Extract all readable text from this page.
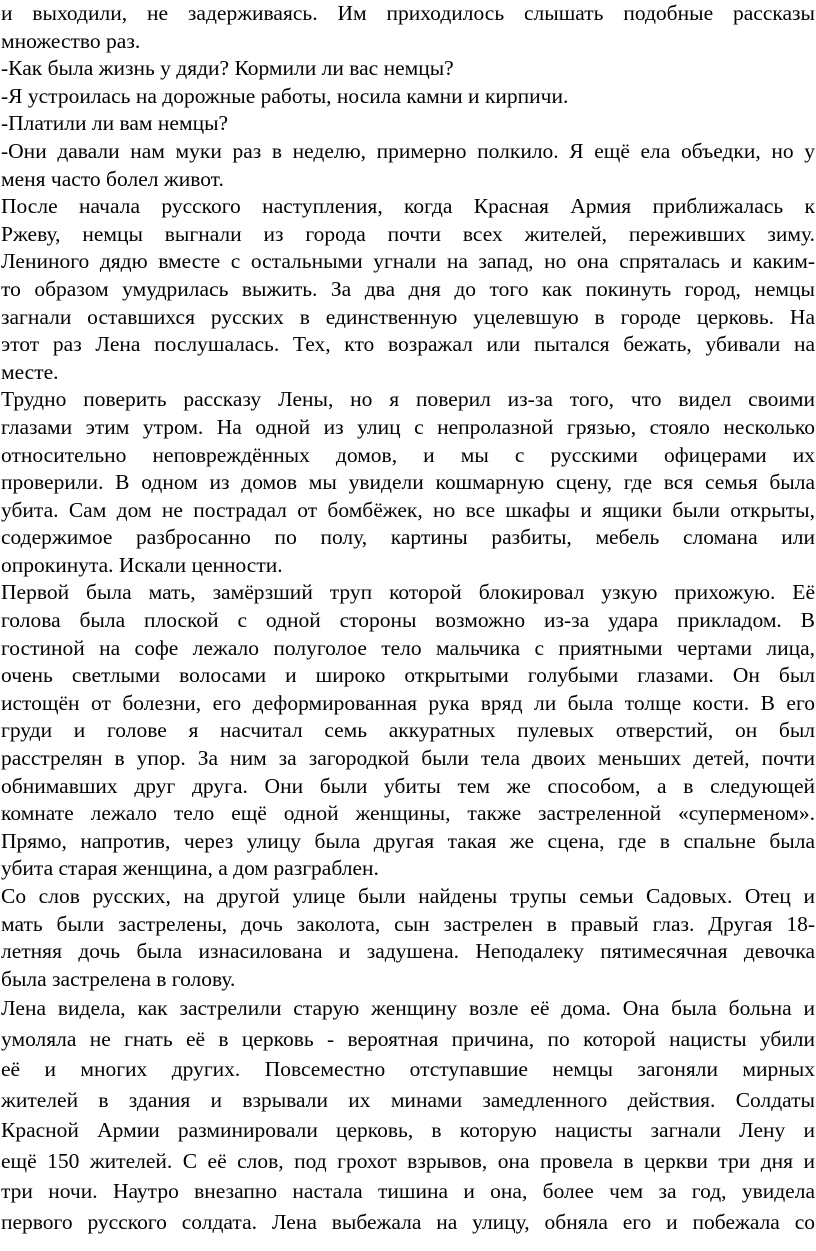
и выходили, не задерживаясь. Им приходилось слышать подобные рассказы
множество раз.
-Как была жизнь у дяди? Кормили ли вас немцы?
-Я устроилась на дорожные работы, носила камни и кирпичи.
-Платили ли вам немцы?
-Они давали нам муки раз в неделю, примерно полкило. Я ещё ела объедки, но у
меня часто болел живот.
После начала русского наступления, когда Красная Армия приближалась к
Ржеву, немцы выгнали из города почти всех жителей, переживших зиму.
Лениного дядю вместе с остальными угнали на запад, но она спряталась и каким-
то образом умудрилась выжить. За два дня до того как покинуть город, немцы
загнали оставшихся русских в единственную уцелевшую в городе церковь. На
этот раз Лена послушалась. Тех, кто возражал или пытался бежать, убивали на
месте.
Трудно поверить рассказу Лены, но я поверил из-за того, что видел своими
глазами этим утром. На одной из улиц с непролазной грязью, стояло несколько
относительно неповреждённых домов, и мы с русскими офицерами их
проверили. В одном из домов мы увидели кошмарную сцену, где вся семья была
убита. Сам дом не пострадал от бомбёжек, но все шкафы и ящики были открыты,
содержимое разбросанно по полу, картины разбиты, мебель сломана или
опрокинута. Искали ценности.
Первой была мать, замёрзший труп которой блокировал узкую прихожую. Её
голова была плоской с одной стороны возможно из-за удара прикладом. В
гостиной на софе лежало полуголое тело мальчика с приятными чертами лица,
очень светлыми волосами и широко открытыми голубыми глазами. Он был
истощён от болезни, его деформированная рука вряд ли была толще кости. В его
груди и голове я насчитал семь аккуратных пулевых отверстий, он был
расстрелян в упор. За ним за загородкой были тела двоих меньших детей, почти
обнимавших друг друга. Они были убиты тем же способом, а в следующей
комнате лежало тело ещё одной женщины, также застреленной «суперменом».
Прямо, напротив, через улицу была другая такая же сцена, где в спальне была
убита старая женщина, а дом разграблен.
Со слов русских, на другой улице были найдены трупы семьи Садовых. Отец и
мать были застрелены, дочь заколота, сын застрелен в правый глаз. Другая 18-
летняя дочь была изнасилована и задушена. Неподалеку пятимесячная девочка
была застрелена в голову.
Лена видела, как застрелили старую женщину возле её дома. Она была больна и
умоляла не гнать её в церковь - вероятная причина, по которой нацисты убили
её и многих других. Повсеместно отступавшие немцы загоняли мирных
жителей в здания и взрывали их минами замедленного действия. Солдаты
Красной Армии разминировали церковь, в которую нацисты загнали Лену и
ещё 150 жителей. С её слов, под грохот взрывов, она провела в церкви три дня и
три ночи. Наутро внезапно настала тишина и она, более чем за год, увидела
первого русского солдата. Лена выбежала на улицу, обняла его и побежала со
